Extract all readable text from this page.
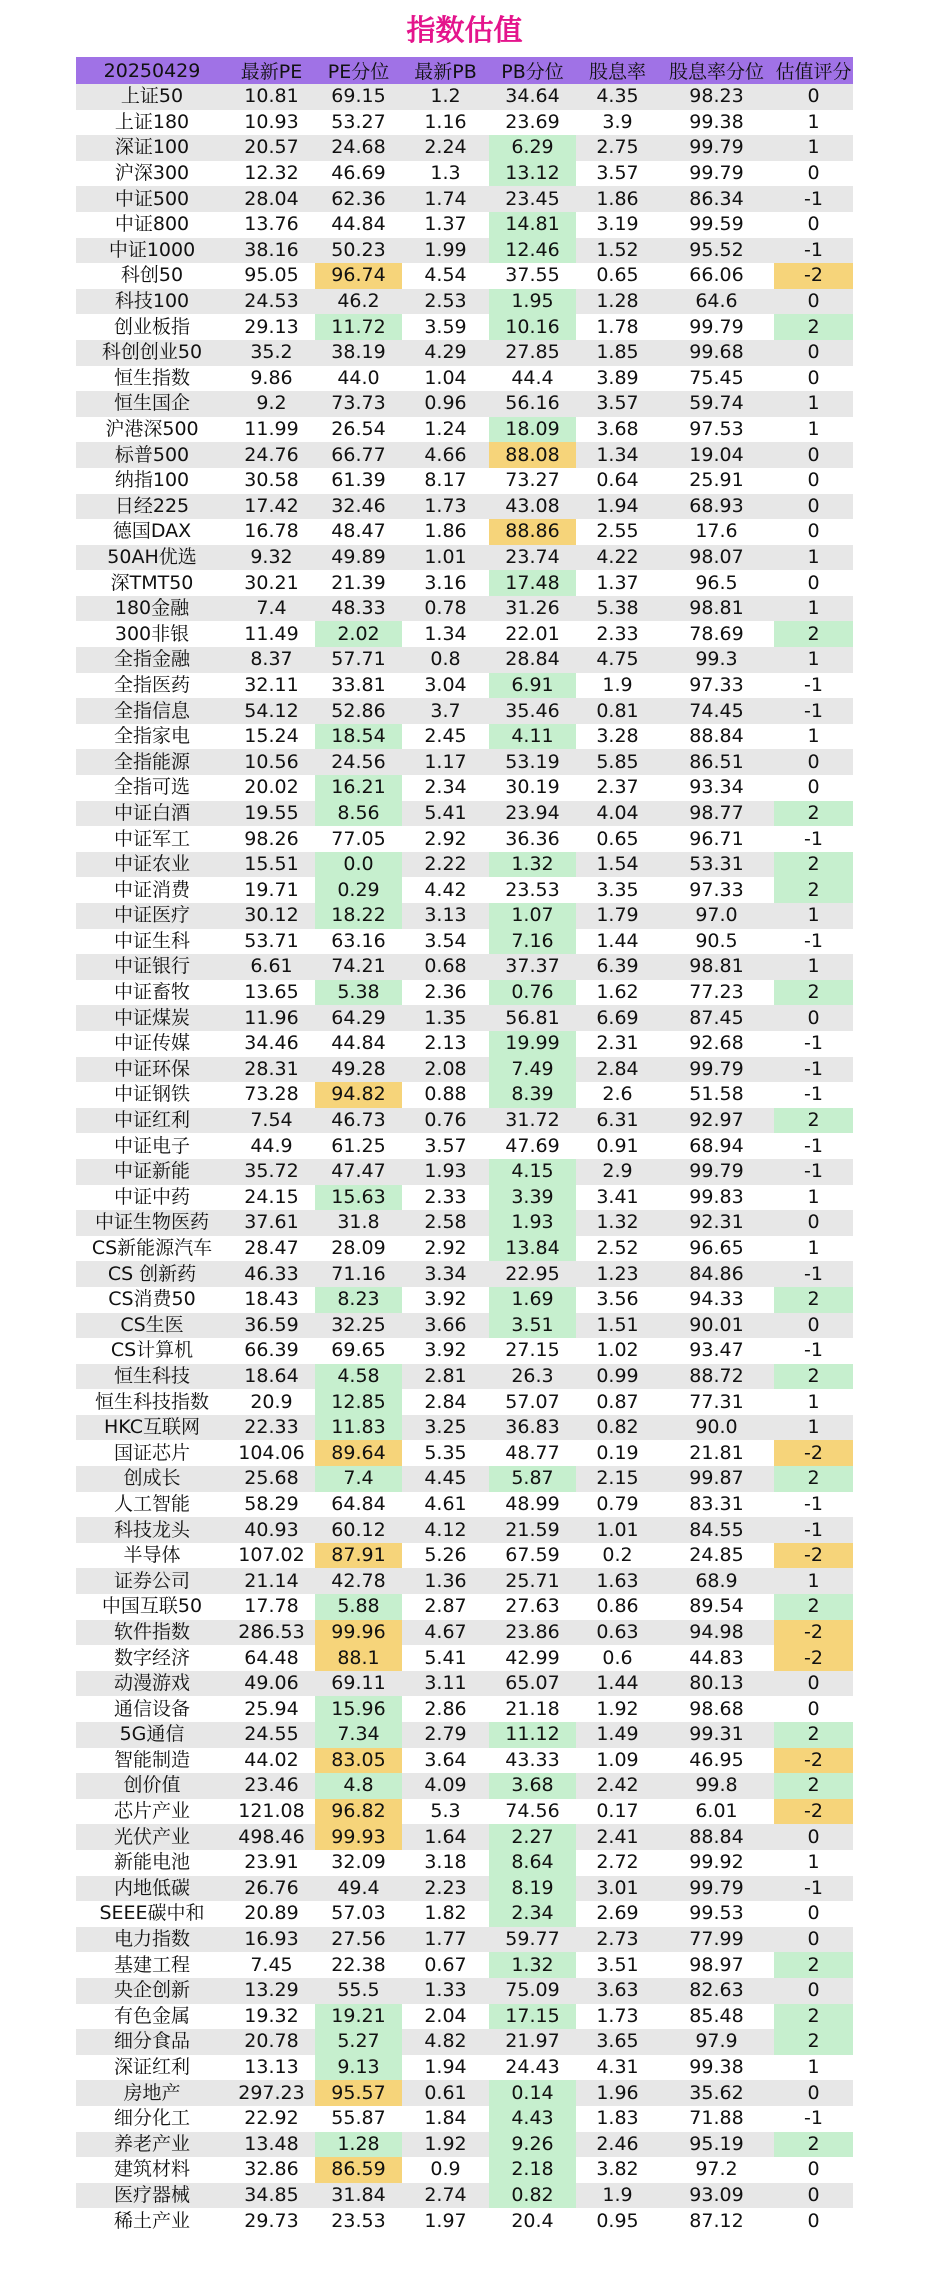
指数估值
20250429	最新PE	PE分位	最新PB	PB分位	股息率	股息率分位	估值评分
上证50	10.81	69.15	1.2	34.64	4.35	98.23	0
上证180	10.93	53.27	1.16	23.69	3.9	99.38	1
深证100	20.57	24.68	2.24	6.29	2.75	99.79	1
沪深300	12.32	46.69	1.3	13.12	3.57	99.79	0
中证500	28.04	62.36	1.74	23.45	1.86	86.34	-1
中证800	13.76	44.84	1.37	14.81	3.19	99.59	0
中证1000	38.16	50.23	1.99	12.46	1.52	95.52	-1
科创50	95.05	96.74	4.54	37.55	0.65	66.06	-2
科技100	24.53	46.2	2.53	1.95	1.28	64.6	0
创业板指	29.13	11.72	3.59	10.16	1.78	99.79	2
科创创业50	35.2	38.19	4.29	27.85	1.85	99.68	0
恒生指数	9.86	44.0	1.04	44.4	3.89	75.45	0
恒生国企	9.2	73.73	0.96	56.16	3.57	59.74	1
沪港深500	11.99	26.54	1.24	18.09	3.68	97.53	1
标普500	24.76	66.77	4.66	88.08	1.34	19.04	0
纳指100	30.58	61.39	8.17	73.27	0.64	25.91	0
日经225	17.42	32.46	1.73	43.08	1.94	68.93	0
德国DAX	16.78	48.47	1.86	88.86	2.55	17.6	0
50AH优选	9.32	49.89	1.01	23.74	4.22	98.07	1
深TMT50	30.21	21.39	3.16	17.48	1.37	96.5	0
180金融	7.4	48.33	0.78	31.26	5.38	98.81	1
300非银	11.49	2.02	1.34	22.01	2.33	78.69	2
全指金融	8.37	57.71	0.8	28.84	4.75	99.3	1
全指医药	32.11	33.81	3.04	6.91	1.9	97.33	-1
全指信息	54.12	52.86	3.7	35.46	0.81	74.45	-1
全指家电	15.24	18.54	2.45	4.11	3.28	88.84	1
全指能源	10.56	24.56	1.17	53.19	5.85	86.51	0
全指可选	20.02	16.21	2.34	30.19	2.37	93.34	0
中证白酒	19.55	8.56	5.41	23.94	4.04	98.77	2
中证军工	98.26	77.05	2.92	36.36	0.65	96.71	-1
中证农业	15.51	0.0	2.22	1.32	1.54	53.31	2
中证消费	19.71	0.29	4.42	23.53	3.35	97.33	2
中证医疗	30.12	18.22	3.13	1.07	1.79	97.0	1
中证生科	53.71	63.16	3.54	7.16	1.44	90.5	-1
中证银行	6.61	74.21	0.68	37.37	6.39	98.81	1
中证畜牧	13.65	5.38	2.36	0.76	1.62	77.23	2
中证煤炭	11.96	64.29	1.35	56.81	6.69	87.45	0
中证传媒	34.46	44.84	2.13	19.99	2.31	92.68	-1
中证环保	28.31	49.28	2.08	7.49	2.84	99.79	-1
中证钢铁	73.28	94.82	0.88	8.39	2.6	51.58	-1
中证红利	7.54	46.73	0.76	31.72	6.31	92.97	2
中证电子	44.9	61.25	3.57	47.69	0.91	68.94	-1
中证新能	35.72	47.47	1.93	4.15	2.9	99.79	-1
中证中药	24.15	15.63	2.33	3.39	3.41	99.83	1
中证生物医药	37.61	31.8	2.58	1.93	1.32	92.31	0
CS新能源汽车	28.47	28.09	2.92	13.84	2.52	96.65	1
CS 创新药	46.33	71.16	3.34	22.95	1.23	84.86	-1
CS消费50	18.43	8.23	3.92	1.69	3.56	94.33	2
CS生医	36.59	32.25	3.66	3.51	1.51	90.01	0
CS计算机	66.39	69.65	3.92	27.15	1.02	93.47	-1
恒生科技	18.64	4.58	2.81	26.3	0.99	88.72	2
恒生科技指数	20.9	12.85	2.84	57.07	0.87	77.31	1
HKC互联网	22.33	11.83	3.25	36.83	0.82	90.0	1
国证芯片	104.06	89.64	5.35	48.77	0.19	21.81	-2
创成长	25.68	7.4	4.45	5.87	2.15	99.87	2
人工智能	58.29	64.84	4.61	48.99	0.79	83.31	-1
科技龙头	40.93	60.12	4.12	21.59	1.01	84.55	-1
半导体	107.02	87.91	5.26	67.59	0.2	24.85	-2
证券公司	21.14	42.78	1.36	25.71	1.63	68.9	1
中国互联50	17.78	5.88	2.87	27.63	0.86	89.54	2
软件指数	286.53	99.96	4.67	23.86	0.63	94.98	-2
数字经济	64.48	88.1	5.41	42.99	0.6	44.83	-2
动漫游戏	49.06	69.11	3.11	65.07	1.44	80.13	0
通信设备	25.94	15.96	2.86	21.18	1.92	98.68	0
5G通信	24.55	7.34	2.79	11.12	1.49	99.31	2
智能制造	44.02	83.05	3.64	43.33	1.09	46.95	-2
创价值	23.46	4.8	4.09	3.68	2.42	99.8	2
芯片产业	121.08	96.82	5.3	74.56	0.17	6.01	-2
光伏产业	498.46	99.93	1.64	2.27	2.41	88.84	0
新能电池	23.91	32.09	3.18	8.64	2.72	99.92	1
内地低碳	26.76	49.4	2.23	8.19	3.01	99.79	-1
SEEE碳中和	20.89	57.03	1.82	2.34	2.69	99.53	0
电力指数	16.93	27.56	1.77	59.77	2.73	77.99	0
基建工程	7.45	22.38	0.67	1.32	3.51	98.97	2
央企创新	13.29	55.5	1.33	75.09	3.63	82.63	0
有色金属	19.32	19.21	2.04	17.15	1.73	85.48	2
细分食品	20.78	5.27	4.82	21.97	3.65	97.9	2
深证红利	13.13	9.13	1.94	24.43	4.31	99.38	1
房地产	297.23	95.57	0.61	0.14	1.96	35.62	0
细分化工	22.92	55.87	1.84	4.43	1.83	71.88	-1
养老产业	13.48	1.28	1.92	9.26	2.46	95.19	2
建筑材料	32.86	86.59	0.9	2.18	3.82	97.2	0
医疗器械	34.85	31.84	2.74	0.82	1.9	93.09	0
稀土产业	29.73	23.53	1.97	20.4	0.95	87.12	0
